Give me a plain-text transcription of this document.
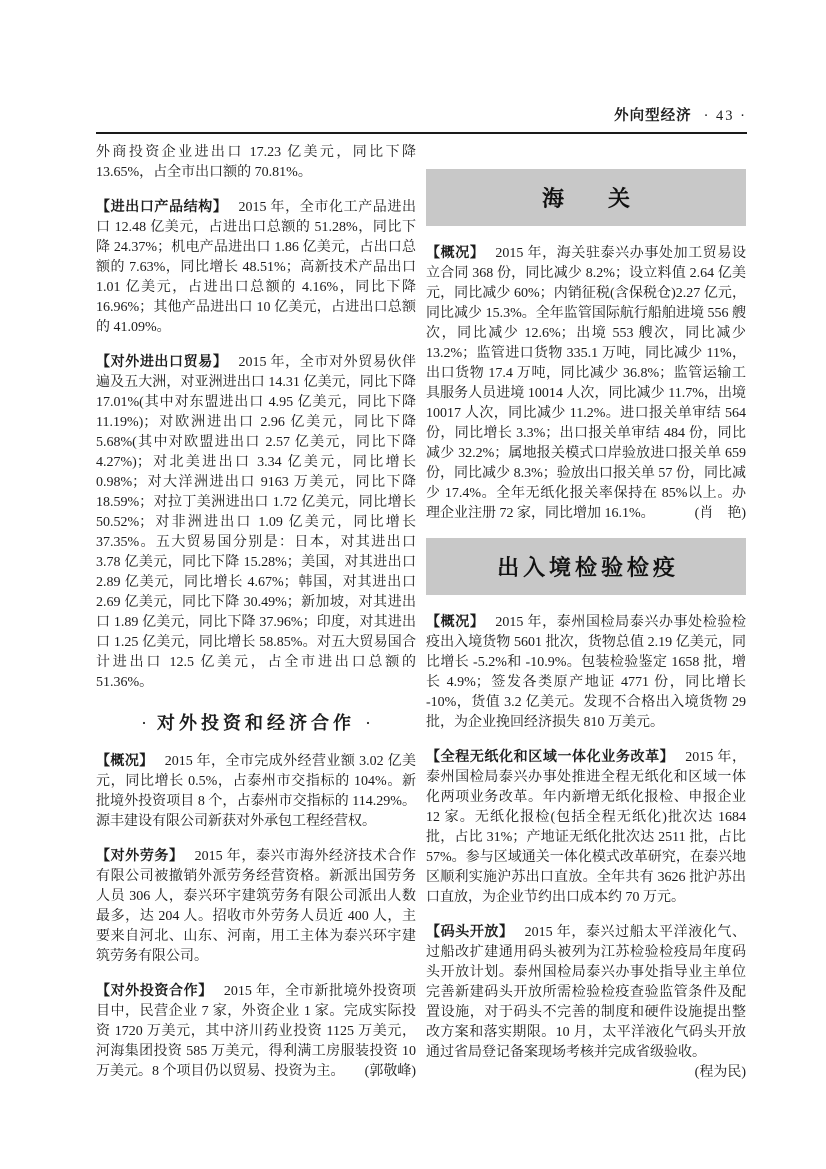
外向型经济 · 43 ·

外商投资企业进出口 17.23 亿美元，同比下降 13.65%，占全市出口额的 70.81%。

【进出口产品结构】 2015 年，全市化工产品进出口 12.48 亿美元，占进出口总额的 51.28%，同比下降 24.37%；机电产品进出口 1.86 亿美元，占出口总额的 7.63%，同比增长 48.51%；高新技术产品出口 1.01 亿美元，占进出口总额的 4.16%，同比下降 16.96%；其他产品进出口 10 亿美元，占进出口总额的 41.09%。

【对外进出口贸易】 2015 年，全市对外贸易伙伴遍及五大洲，对亚洲进出口 14.31 亿美元，同比下降 17.01%(其中对东盟进出口 4.95 亿美元，同比下降 11.19%)；对欧洲进出口 2.96 亿美元，同比下降 5.68%(其中对欧盟进出口 2.57 亿美元，同比下降 4.27%)；对北美进出口 3.34 亿美元，同比增长 0.98%；对大洋洲进出口 9163 万美元，同比下降 18.59%；对拉丁美洲进出口 1.72 亿美元，同比增长 50.52%；对非洲进出口 1.09 亿美元，同比增长 37.35%。五大贸易国分别是：日本，对其进出口 3.78 亿美元，同比下降 15.28%；美国，对其进出口 2.89 亿美元，同比增长 4.67%；韩国，对其进出口 2.69 亿美元，同比下降 30.49%；新加坡，对其进出口 1.89 亿美元，同比下降 37.96%；印度，对其进出口 1.25 亿美元，同比增长 58.85%。对五大贸易国合计进出口 12.5 亿美元，占全市进出口总额的 51.36%。

· 对外投资和经济合作 ·

【概况】 2015 年，全市完成外经营业额 3.02 亿美元，同比增长 0.5%，占泰州市交指标的 104%。新批境外投资项目 8 个，占泰州市交指标的 114.29%。源丰建设有限公司新获对外承包工程经营权。

【对外劳务】 2015 年，泰兴市海外经济技术合作有限公司被撤销外派劳务经营资格。新派出国劳务人员 306 人，泰兴环宇建筑劳务有限公司派出人数最多，达 204 人。招收市外劳务人员近 400 人，主要来自河北、山东、河南，用工主体为泰兴环宇建筑劳务有限公司。

【对外投资合作】 2015 年，全市新批境外投资项目中，民营企业 7 家，外资企业 1 家。完成实际投资 1720 万美元，其中济川药业投资 1125 万美元，河海集团投资 585 万美元，得利满工房服装投资 10 万美元。8 个项目仍以贸易、投资为主。 (郭敬峰)

海关

【概况】 2015 年，海关驻泰兴办事处加工贸易设立合同 368 份，同比减少 8.2%；设立料值 2.64 亿美元，同比减少 60%；内销征税(含保税仓)2.27 亿元，同比减少 15.3%。全年监管国际航行船舶进境 556 艘次，同比减少 12.6%；出境 553 艘次，同比减少 13.2%；监管进口货物 335.1 万吨，同比减少 11%，出口货物 17.4 万吨，同比减少 36.8%；监管运输工具服务人员进境 10014 人次，同比减少 11.7%，出境 10017 人次，同比减少 11.2%。进口报关单审结 564 份，同比增长 3.3%；出口报关单审结 484 份，同比减少 32.2%；属地报关模式口岸验放进口报关单 659 份，同比减少 8.3%；验放出口报关单 57 份，同比减少 17.4%。全年无纸化报关率保持在 85%以上。办理企业注册 72 家，同比增加 16.1%。	(肖　艳)

出入境检验检疫

【概况】 2015 年，泰州国检局泰兴办事处检验检疫出入境货物 5601 批次，货物总值 2.19 亿美元，同比增长 -5.2%和 -10.9%。包装检验鉴定 1658 批，增长 4.9%；签发各类原产地证 4771 份，同比增长 -10%，货值 3.2 亿美元。发现不合格出入境货物 29 批，为企业挽回经济损失 810 万美元。

【全程无纸化和区域一体化业务改革】 2015 年，泰州国检局泰兴办事处推进全程无纸化和区域一体化两项业务改革。年内新增无纸化报检、申报企业 12 家。无纸化报检(包括全程无纸化)批次达 1684 批，占比 31%；产地证无纸化批次达 2511 批，占比 57%。参与区域通关一体化模式改革研究，在泰兴地区顺利实施沪苏出口直放。全年共有 3626 批沪苏出口直放，为企业节约出口成本约 70 万元。

【码头开放】 2015 年，泰兴过船太平洋液化气、过船改扩建通用码头被列为江苏检验检疫局年度码头开放计划。泰州国检局泰兴办事处指导业主单位完善新建码头开放所需检验检疫查验监管条件及配置设施，对于码头不完善的制度和硬件设施提出整改方案和落实期限。10 月，太平洋液化气码头开放通过省局登记备案现场考核并完成省级验收。
(程为民)
